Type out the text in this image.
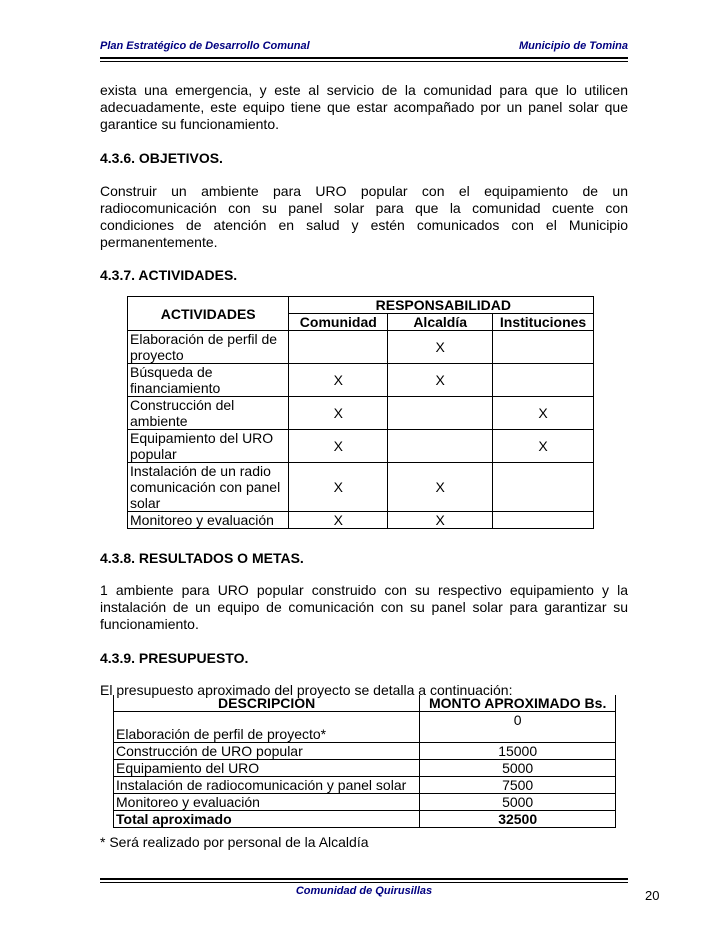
Plan Estratégico de Desarrollo Comunal	Municipio de Tomina
exista una emergencia, y este al servicio de la comunidad para que lo utilicen adecuadamente, este equipo tiene que estar acompañado por un panel solar que garantice su funcionamiento.
4.3.6. OBJETIVOS.
Construir un ambiente para URO popular con el equipamiento de un radiocomunicación con su panel solar para que la comunidad cuente con condiciones de atención en salud y estén comunicados con el Municipio permanentemente.
4.3.7. ACTIVIDADES.
ACTIVIDADES	RESPONSABILIDAD		
	Comunidad	Alcaldía	Instituciones
Elaboración de perfil de proyecto		X	
Búsqueda de financiamiento	X	X	
Construcción del ambiente	X		X
Equipamiento del URO popular	X		X
Instalación de un radio comunicación con panel solar	X	X	
Monitoreo y evaluación	X	X	
4.3.8. RESULTADOS O METAS.
1 ambiente para URO popular construido con su respectivo equipamiento y la instalación de un equipo de comunicación con su panel solar para garantizar su funcionamiento.
4.3.9. PRESUPUESTO.
El presupuesto aproximado del proyecto se detalla a continuación:
DESCRIPCION	MONTO APROXIMADO Bs.
Elaboración de perfil de proyecto*	0
Construcción de URO popular	15000
Equipamiento del URO	5000
Instalación de radiocomunicación y panel solar	7500
Monitoreo y evaluación	5000
Total aproximado	32500
* Será realizado por personal de la Alcaldía
Comunidad de Quirusillas	20
